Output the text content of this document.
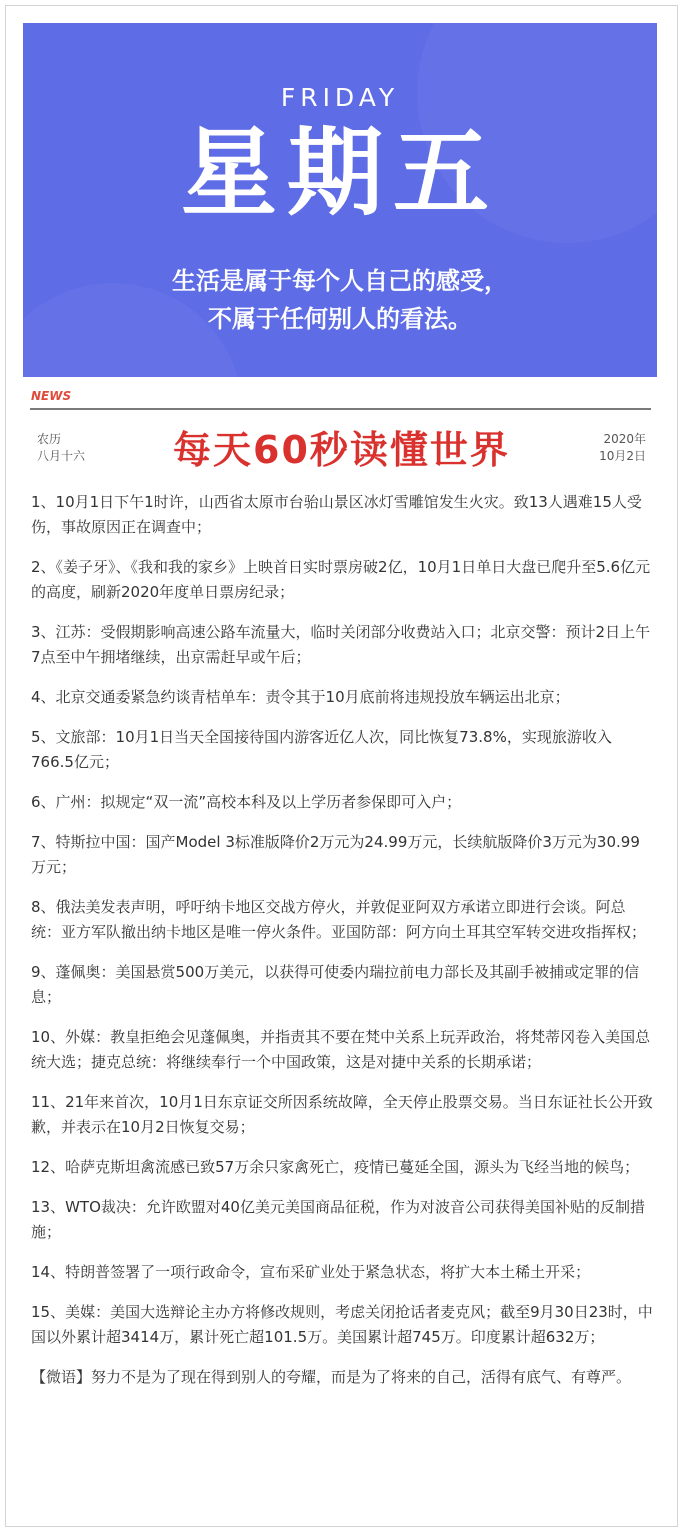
FRIDAY
星期五
生活是属于每个人自己的感受，
不属于任何别人的看法。
NEWS
农历
八月十六	每天60秒读懂世界	2020年
10月2日

1、10月1日下午1时许，山西省太原市台骀山景区冰灯雪雕馆发生火灾。致13人遇难15人受伤，事故原因正在调查中；

2、《姜子牙》、《我和我的家乡》上映首日实时票房破2亿，10月1日单日大盘已爬升至5.6亿元的高度，刷新2020年度单日票房纪录；

3、江苏：受假期影响高速公路车流量大，临时关闭部分收费站入口；北京交警：预计2日上午7点至中午拥堵继续，出京需赶早或午后；

4、北京交通委紧急约谈青桔单车：责令其于10月底前将违规投放车辆运出北京；

5、文旅部：10月1日当天全国接待国内游客近亿人次，同比恢复73.8%，实现旅游收入766.5亿元；

6、广州：拟规定“双一流”高校本科及以上学历者参保即可入户；

7、特斯拉中国：国产Model 3标准版降价2万元为24.99万元，长续航版降价3万元为30.99万元；

8、俄法美发表声明，呼吁纳卡地区交战方停火，并敦促亚阿双方承诺立即进行会谈。阿总统：亚方军队撤出纳卡地区是唯一停火条件。亚国防部：阿方向土耳其空军转交进攻指挥权；

9、蓬佩奥：美国悬赏500万美元，以获得可使委内瑞拉前电力部长及其副手被捕或定罪的信息；

10、外媒：教皇拒绝会见蓬佩奥，并指责其不要在梵中关系上玩弄政治，将梵蒂冈卷入美国总统大选；捷克总统：将继续奉行一个中国政策，这是对捷中关系的长期承诺；

11、21年来首次，10月1日东京证交所因系统故障，全天停止股票交易。当日东证社长公开致歉，并表示在10月2日恢复交易；

12、哈萨克斯坦禽流感已致57万余只家禽死亡，疫情已蔓延全国，源头为飞经当地的候鸟；

13、WTO裁决：允许欧盟对40亿美元美国商品征税，作为对波音公司获得美国补贴的反制措施；

14、特朗普签署了一项行政命令，宣布采矿业处于紧急状态，将扩大本土稀土开采；

15、美媒：美国大选辩论主办方将修改规则，考虑关闭抢话者麦克风；截至9月30日23时，中国以外累计超3414万，累计死亡超101.5万。美国累计超745万。印度累计超632万；

【微语】努力不是为了现在得到别人的夸耀，而是为了将来的自己，活得有底气、有尊严。
